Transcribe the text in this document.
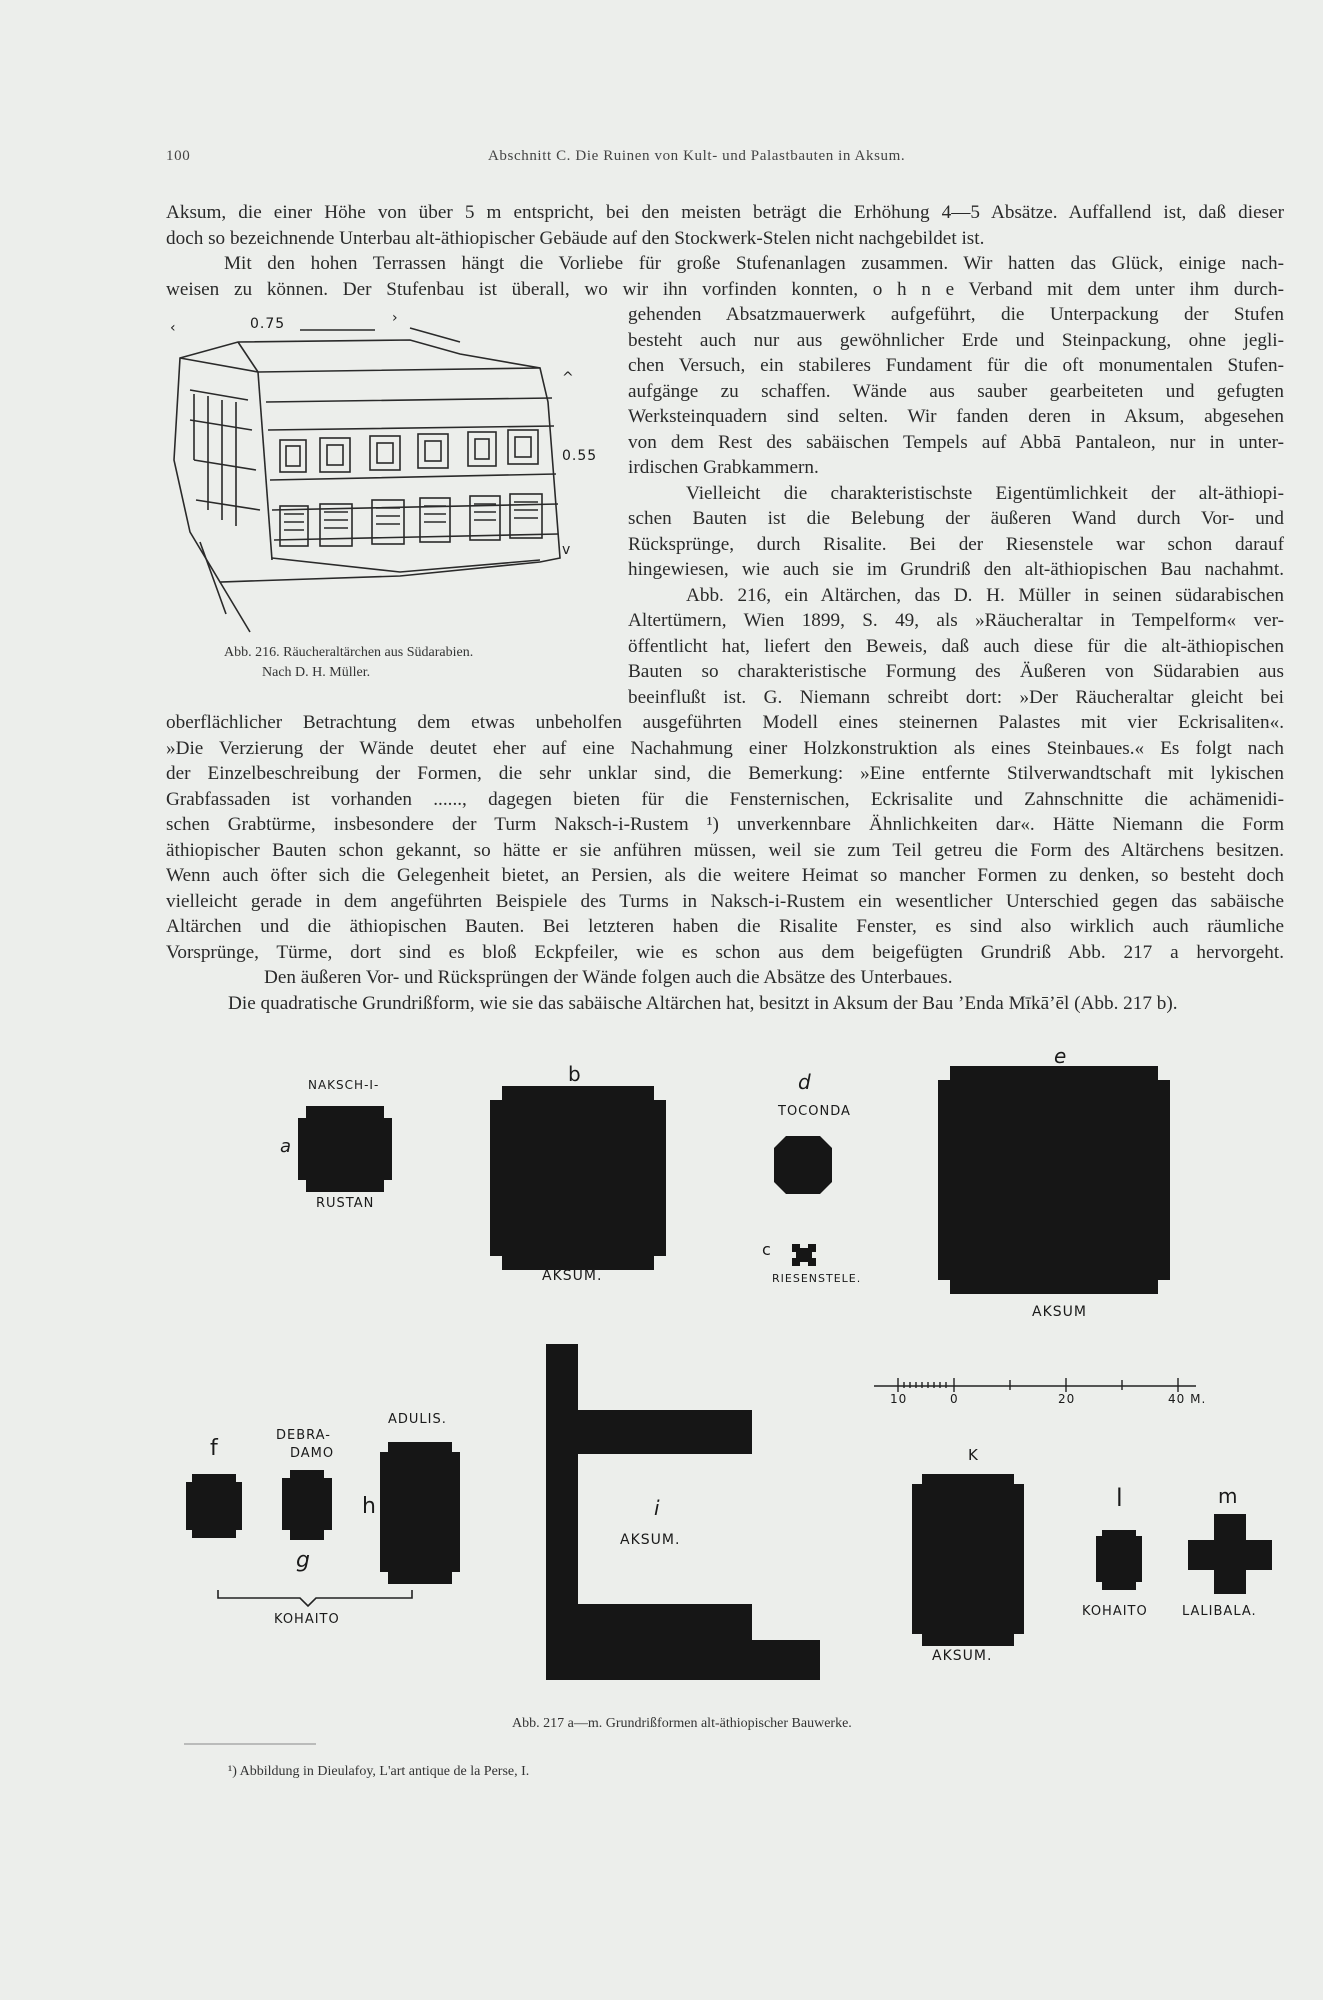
100	Abschnitt C. Die Ruinen von Kult- und Palastbauten in Aksum.
Aksum, die einer Höhe von über 5 m entspricht, bei den meisten beträgt die Erhöhung 4—5 Absätze. Auffallend ist, daß dieser
doch so bezeichnende Unterbau alt-äthiopischer Gebäude auf den Stockwerk-Stelen nicht nachgebildet ist.
Mit den hohen Terrassen hängt die Vorliebe für große Stufenanlagen zusammen. Wir hatten das Glück, einige nach-
weisen zu können. Der Stufenbau ist überall, wo wir ihn vorfinden konnten, o h n e Verband mit dem unter ihm durch-
‹
›
^
v
0.75
0.55
Abb. 216. Räucheraltärchen aus Südarabien.
Nach D. H. Müller.
gehenden Absatzmauerwerk aufgeführt, die Unterpackung der Stufen
besteht auch nur aus gewöhnlicher Erde und Steinpackung, ohne jegli-
chen Versuch, ein stabileres Fundament für die oft monumentalen Stufen-
aufgänge zu schaffen. Wände aus sauber gearbeiteten und gefugten
Werksteinquadern sind selten. Wir fanden deren in Aksum, abgesehen
von dem Rest des sabäischen Tempels auf Abbā Pantaleon, nur in unter-
irdischen Grabkammern.
Vielleicht die charakteristischste Eigentümlichkeit der alt-äthiopi-
schen Bauten ist die Belebung der äußeren Wand durch Vor- und
Rücksprünge, durch Risalite. Bei der Riesenstele war schon darauf
hingewiesen, wie auch sie im Grundriß den alt-äthiopischen Bau nachahmt.
Abb. 216, ein Altärchen, das D. H. Müller in seinen südarabischen
Altertümern, Wien 1899, S. 49, als »Räucheraltar in Tempelform« ver-
öffentlicht hat, liefert den Beweis, daß auch diese für die alt-äthiopischen
Bauten so charakteristische Formung des Äußeren von Südarabien aus
beeinflußt ist. G. Niemann schreibt dort: »Der Räucheraltar gleicht bei
oberflächlicher Betrachtung dem etwas unbeholfen ausgeführten Modell eines steinernen Palastes mit vier Eckrisaliten«.
»Die Verzierung der Wände deutet eher auf eine Nachahmung einer Holzkonstruktion als eines Steinbaues.« Es folgt nach
der Einzelbeschreibung der Formen, die sehr unklar sind, die Bemerkung: »Eine entfernte Stilverwandtschaft mit lykischen
Grabfassaden ist vorhanden ......, dagegen bieten für die Fensternischen, Eckrisalite und Zahnschnitte die achämenidi-
schen Grabtürme, insbesondere der Turm Naksch-i-Rustem ¹) unverkennbare Ähnlichkeiten dar«. Hätte Niemann die Form
äthiopischer Bauten schon gekannt, so hätte er sie anführen müssen, weil sie zum Teil getreu die Form des Altärchens besitzen.
Wenn auch öfter sich die Gelegenheit bietet, an Persien, als die weitere Heimat so mancher Formen zu denken, so besteht doch
vielleicht gerade in dem angeführten Beispiele des Turms in Naksch-i-Rustem ein wesentlicher Unterschied gegen das sabäische
Altärchen und die äthiopischen Bauten. Bei letzteren haben die Risalite Fenster, es sind also wirklich auch räumliche
Vorsprünge, Türme, dort sind es bloß Eckpfeiler, wie es schon aus dem beigefügten Grundriß Abb. 217 a hervorgeht.
Den äußeren Vor- und Rücksprüngen der Wände folgen auch die Absätze des Unterbaues.
Die quadratische Grundrißform, wie sie das sabäische Altärchen hat, besitzt in Aksum der Bau ’Enda Mīkā’ēl (Abb. 217 b).
NAKSCH-I-
a
RUSTAN
b
AKSUM.
d
TOCONDA
c
RIESENSTELE.
e
AKSUM
f
DEBRA-
DAMO
ADULIS.
h
g
KOHAITO
i
AKSUM.
K
AKSUM.
l
KOHAITO
m
LALIBALA.
10	0	20	40 M.
Abb. 217 a—m. Grundrißformen alt-äthiopischer Bauwerke.
¹) Abbildung in Dieulafoy, L'art antique de la Perse, I.
